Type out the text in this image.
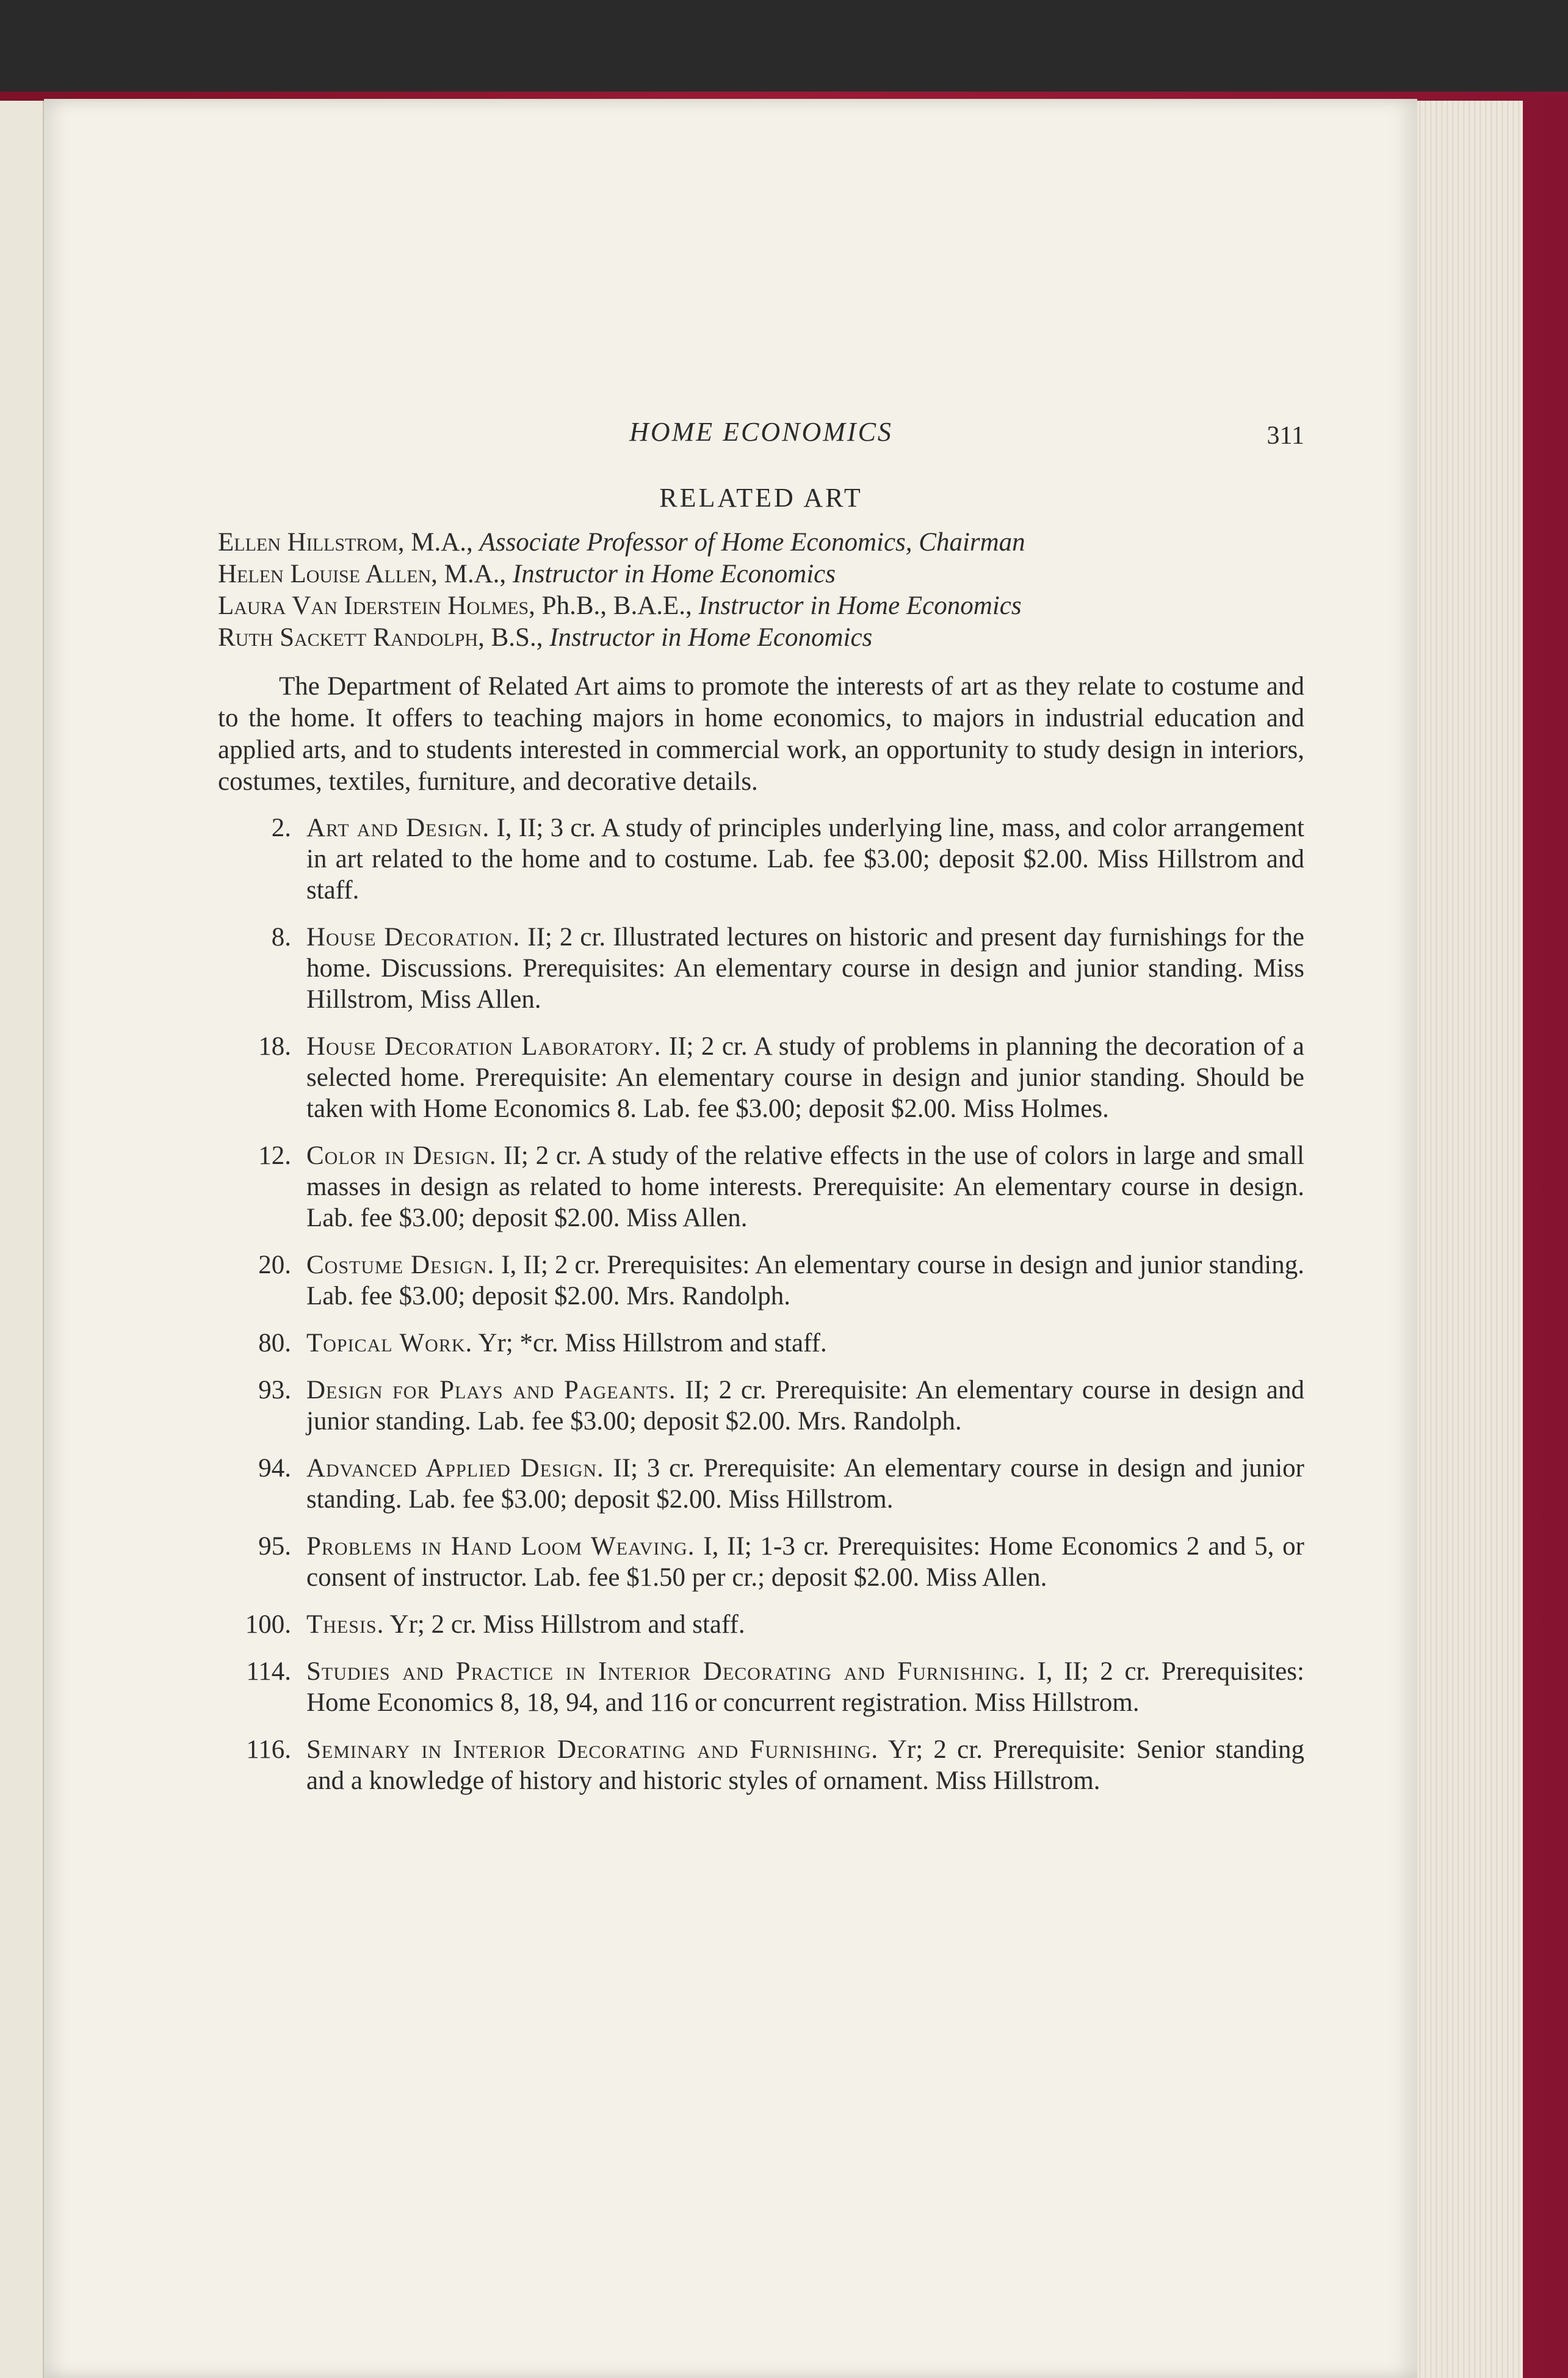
HOME ECONOMICS	311
RELATED ART
Ellen Hillstrom, M.A., Associate Professor of Home Economics, Chairman
Helen Louise Allen, M.A., Instructor in Home Economics
Laura Van Iderstein Holmes, Ph.B., B.A.E., Instructor in Home Economics
Ruth Sackett Randolph, B.S., Instructor in Home Economics

The Department of Related Art aims to promote the interests of art as they relate to costume and to the home. It offers to teaching majors in home economics, to majors in industrial education and applied arts, and to students interested in commercial work, an opportunity to study design in interiors, costumes, textiles, furniture, and decorative details.

2. Art and Design. I, II; 3 cr. A study of principles underlying line, mass, and color arrangement in art related to the home and to costume. Lab. fee $3.00; deposit $2.00. Miss Hillstrom and staff.
8. House Decoration. II; 2 cr. Illustrated lectures on historic and present day furnishings for the home. Discussions. Prerequisites: An elementary course in design and junior standing. Miss Hillstrom, Miss Allen.
18. House Decoration Laboratory. II; 2 cr. A study of problems in planning the decoration of a selected home. Prerequisite: An elementary course in design and junior standing. Should be taken with Home Economics 8. Lab. fee $3.00; deposit $2.00. Miss Holmes.
12. Color in Design. II; 2 cr. A study of the relative effects in the use of colors in large and small masses in design as related to home interests. Prerequisite: An elementary course in design. Lab. fee $3.00; deposit $2.00. Miss Allen.
20. Costume Design. I, II; 2 cr. Prerequisites: An elementary course in design and junior standing. Lab. fee $3.00; deposit $2.00. Mrs. Randolph.
80. Topical Work. Yr; *cr. Miss Hillstrom and staff.
93. Design for Plays and Pageants. II; 2 cr. Prerequisite: An elementary course in design and junior standing. Lab. fee $3.00; deposit $2.00. Mrs. Randolph.
94. Advanced Applied Design. II; 3 cr. Prerequisite: An elementary course in design and junior standing. Lab. fee $3.00; deposit $2.00. Miss Hillstrom.
95. Problems in Hand Loom Weaving. I, II; 1-3 cr. Prerequisites: Home Economics 2 and 5, or consent of instructor. Lab. fee $1.50 per cr.; deposit $2.00. Miss Allen.
100. Thesis. Yr; 2 cr. Miss Hillstrom and staff.
114. Studies and Practice in Interior Decorating and Furnishing. I, II; 2 cr. Prerequisites: Home Economics 8, 18, 94, and 116 or concurrent registration. Miss Hillstrom.
116. Seminary in Interior Decorating and Furnishing. Yr; 2 cr. Prerequisite: Senior standing and a knowledge of history and historic styles of ornament. Miss Hillstrom.
